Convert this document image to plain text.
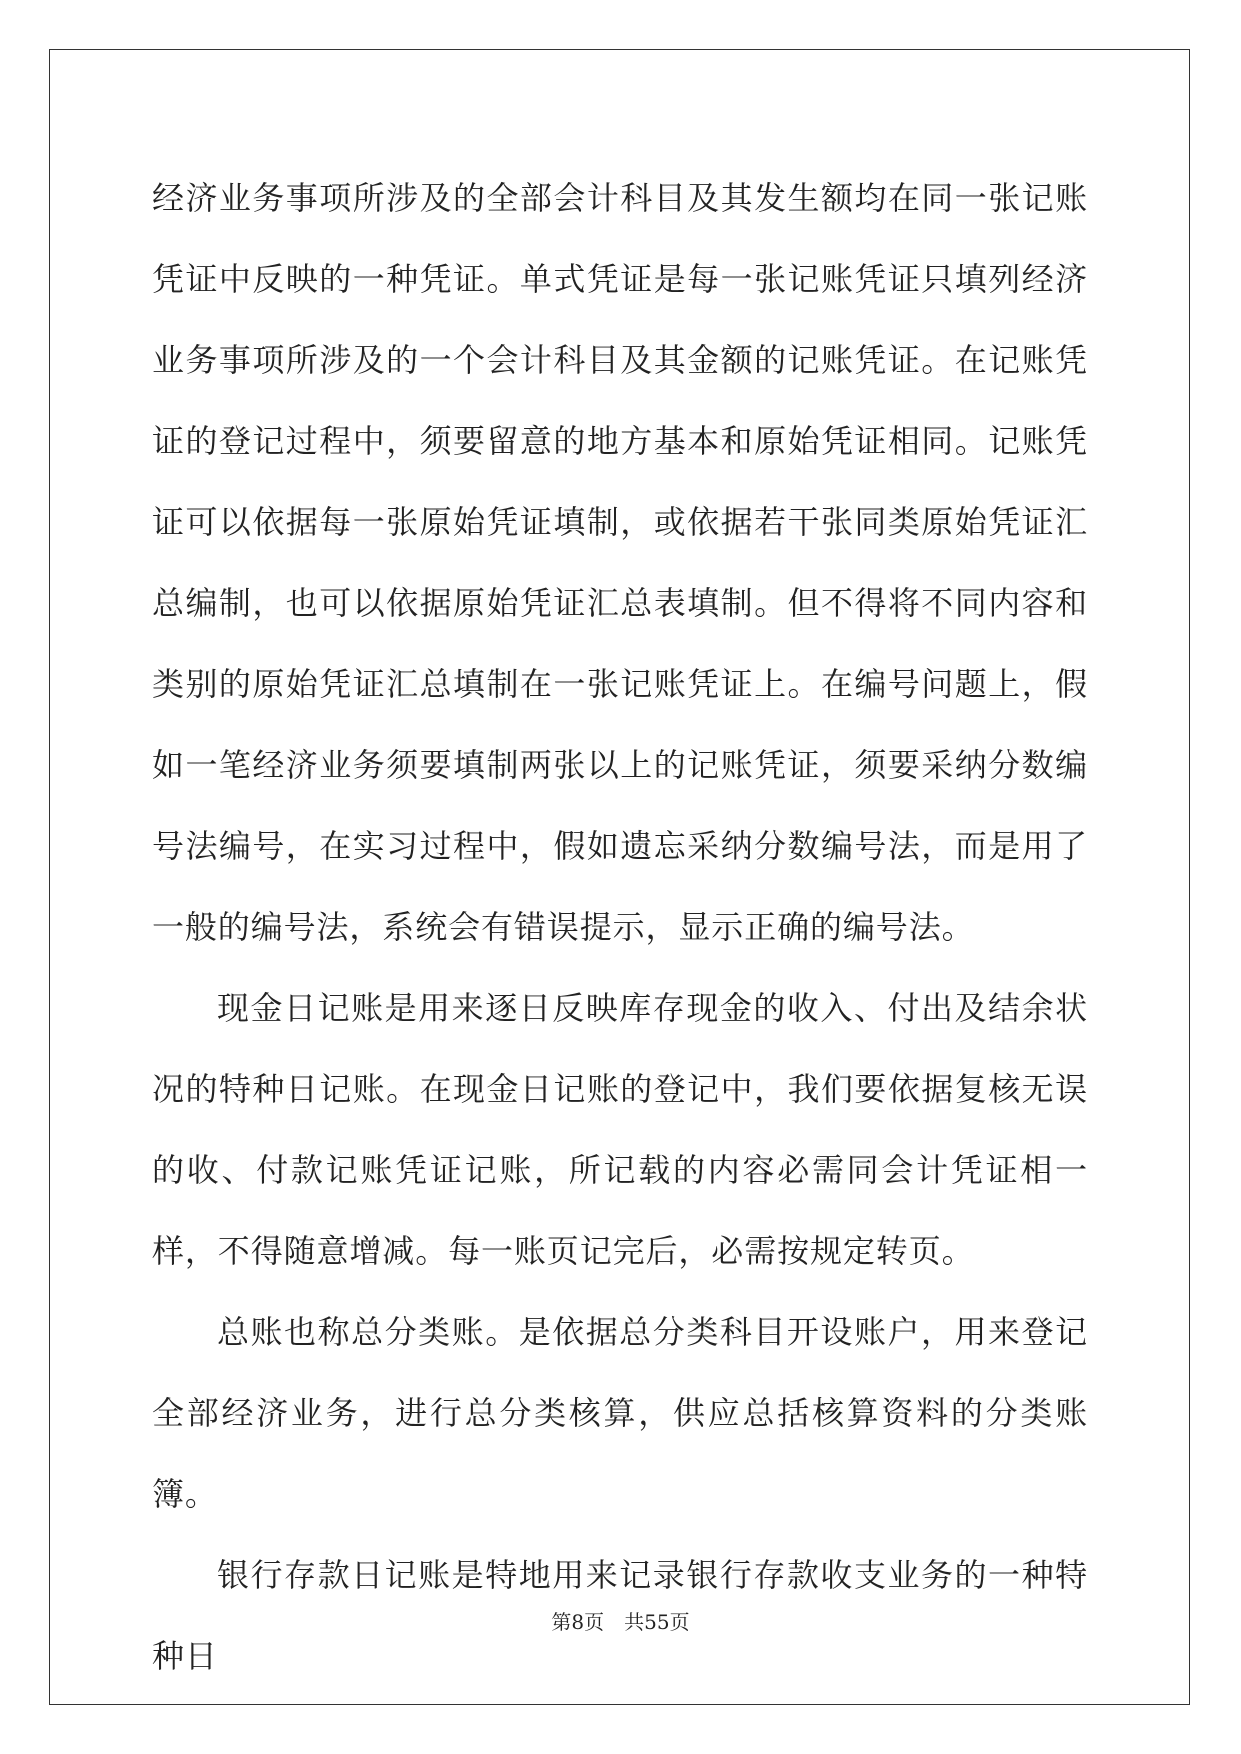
经济业务事项所涉及的全部会计科目及其发生额均在同一张记账凭证中反映的一种凭证。单式凭证是每一张记账凭证只填列经济业务事项所涉及的一个会计科目及其金额的记账凭证。在记账凭证的登记过程中，须要留意的地方基本和原始凭证相同。记账凭证可以依据每一张原始凭证填制，或依据若干张同类原始凭证汇总编制，也可以依据原始凭证汇总表填制。但不得将不同内容和类别的原始凭证汇总填制在一张记账凭证上。在编号问题上，假如一笔经济业务须要填制两张以上的记账凭证，须要采纳分数编号法编号，在实习过程中，假如遗忘采纳分数编号法，而是用了一般的编号法，系统会有错误提示，显示正确的编号法。

现金日记账是用来逐日反映库存现金的收入、付出及结余状况的特种日记账。在现金日记账的登记中，我们要依据复核无误的收、付款记账凭证记账，所记载的内容必需同会计凭证相一样，不得随意增减。每一账页记完后，必需按规定转页。

总账也称总分类账。是依据总分类科目开设账户，用来登记全部经济业务，进行总分类核算，供应总括核算资料的分类账簿。

银行存款日记账是特地用来记录银行存款收支业务的一种特种日

第8页 共55页
